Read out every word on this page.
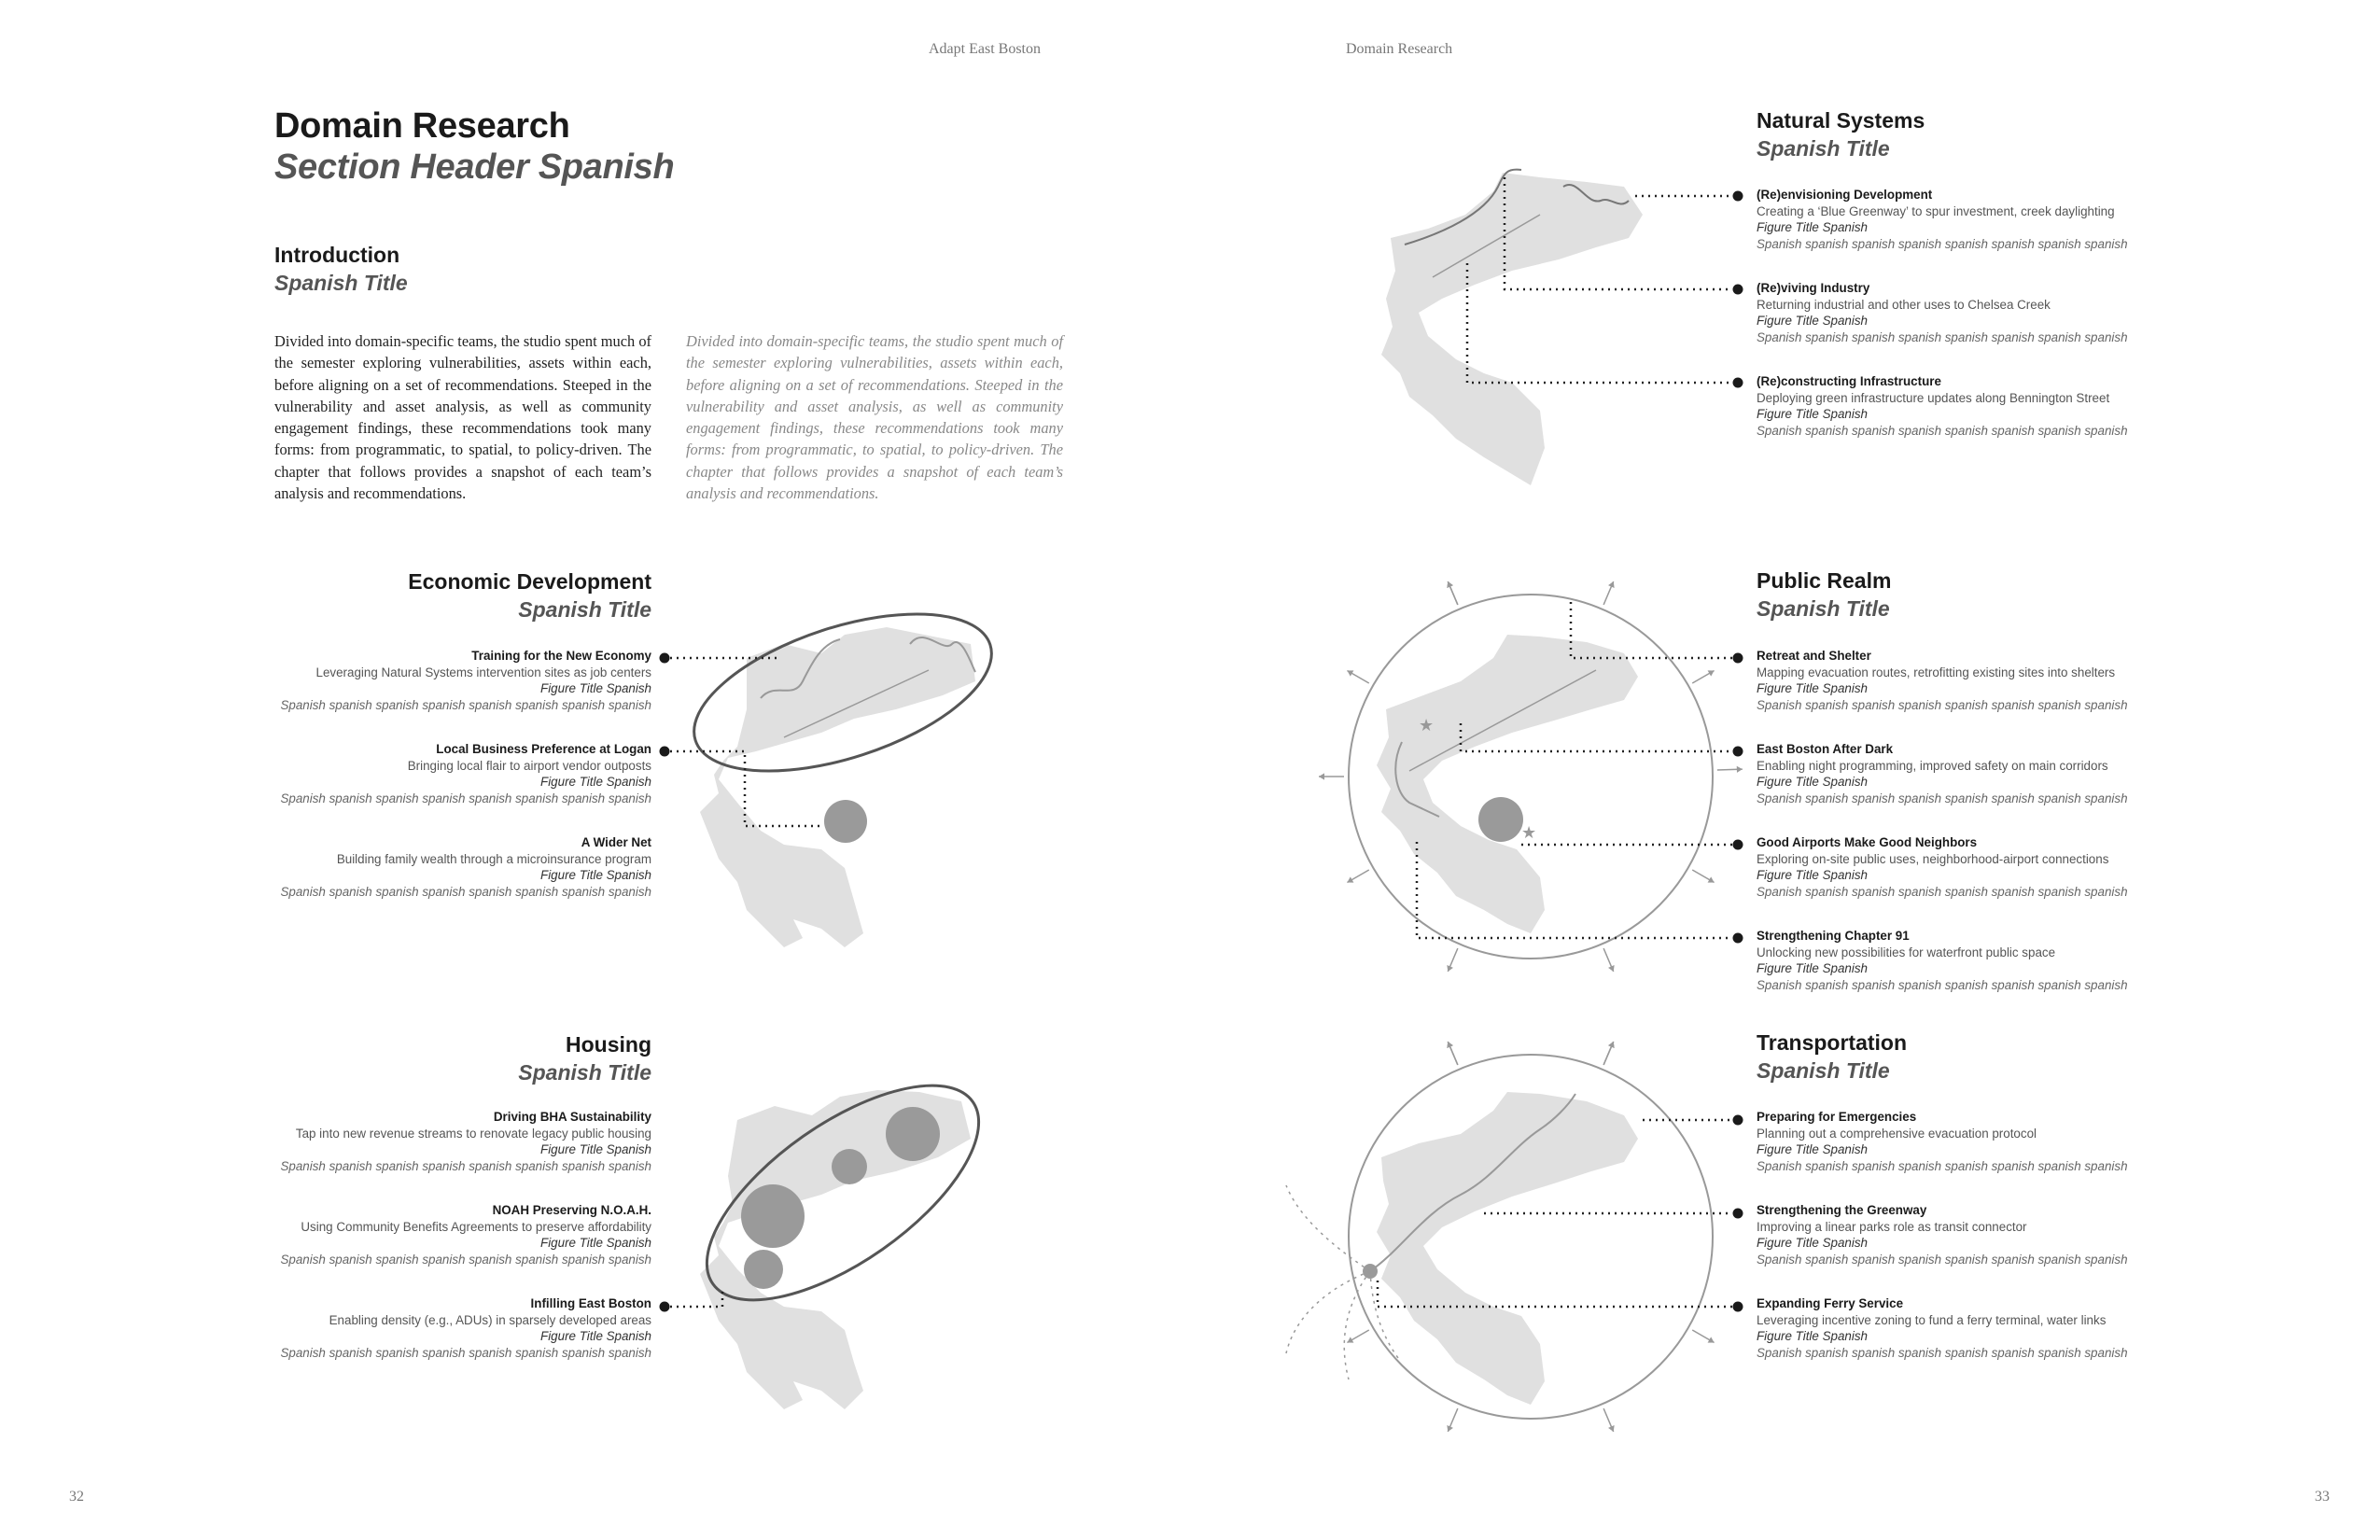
Adapt East Boston	Domain Research
Domain Research
Section Header Spanish
Introduction
Spanish Title
Divided into domain-specific teams, the studio spent much of the semester exploring vulnerabilities, assets within each, before aligning on a set of recommendations. Steeped in the vulnerability and asset analysis, as well as community engagement findings, these recommendations took many forms: from programmatic, to spatial, to policy-driven. The chapter that follows provides a snapshot of each team’s analysis and recommendations.
Divided into domain-specific teams, the studio spent much of the semester exploring vulnerabilities, assets within each, before aligning on a set of recommendations. Steeped in the vulnerability and asset analysis, as well as community engagement findings, these recommendations took many forms: from programmatic, to spatial, to policy-driven. The chapter that follows provides a snapshot of each team’s analysis and recommendations.
Economic Development
Spanish Title
Training for the New Economy
Leveraging Natural Systems intervention sites as job centers
Figure Title Spanish
Spanish spanish spanish spanish spanish spanish spanish spanish
Local Business Preference at Logan
Bringing local flair to airport vendor outposts
Figure Title Spanish
Spanish spanish spanish spanish spanish spanish spanish spanish
A Wider Net
Building family wealth through a microinsurance program
Figure Title Spanish
Spanish spanish spanish spanish spanish spanish spanish spanish
Housing
Spanish Title
Driving BHA Sustainability
Tap into new revenue streams to renovate legacy public housing
Figure Title Spanish
Spanish spanish spanish spanish spanish spanish spanish spanish
NOAH Preserving N.O.A.H.
Using Community Benefits Agreements to preserve affordability
Figure Title Spanish
Spanish spanish spanish spanish spanish spanish spanish spanish
Infilling East Boston
Enabling density (e.g., ADUs) in sparsely developed areas
Figure Title Spanish
Spanish spanish spanish spanish spanish spanish spanish spanish
Natural Systems
Spanish Title
(Re)envisioning Development
Creating a ‘Blue Greenway’ to spur investment, creek daylighting
Figure Title Spanish
Spanish spanish spanish spanish spanish spanish spanish spanish
(Re)viving Industry
Returning industrial and other uses to Chelsea Creek
Figure Title Spanish
Spanish spanish spanish spanish spanish spanish spanish spanish
(Re)constructing Infrastructure
Deploying green infrastructure updates along Bennington Street
Figure Title Spanish
Spanish spanish spanish spanish spanish spanish spanish spanish
Public Realm
Spanish Title
Retreat and Shelter
Mapping evacuation routes, retrofitting existing sites into shelters
Figure Title Spanish
Spanish spanish spanish spanish spanish spanish spanish spanish
East Boston After Dark
Enabling night programming, improved safety on main corridors
Figure Title Spanish
Spanish spanish spanish spanish spanish spanish spanish spanish
Good Airports Make Good Neighbors
Exploring on-site public uses, neighborhood-airport connections
Figure Title Spanish
Spanish spanish spanish spanish spanish spanish spanish spanish
Strengthening Chapter 91
Unlocking new possibilities for waterfront public space
Figure Title Spanish
Spanish spanish spanish spanish spanish spanish spanish spanish
★
★
Transportation
Spanish Title
Preparing for Emergencies
Planning out a comprehensive evacuation protocol
Figure Title Spanish
Spanish spanish spanish spanish spanish spanish spanish spanish
Strengthening the Greenway
Improving a linear parks role as transit connector
Figure Title Spanish
Spanish spanish spanish spanish spanish spanish spanish spanish
Expanding Ferry Service
Leveraging incentive zoning to fund a ferry terminal, water links
Figure Title Spanish
Spanish spanish spanish spanish spanish spanish spanish spanish
32	33
